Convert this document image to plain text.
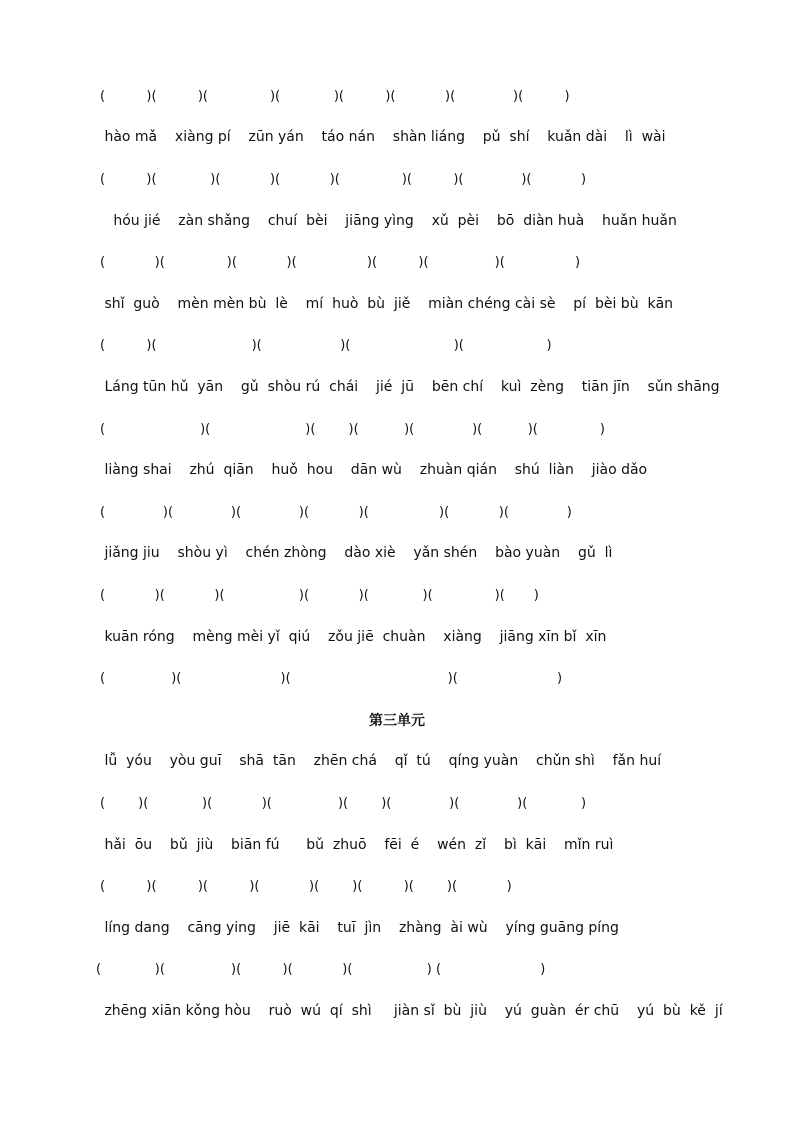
(          )(          )(               )(             )(          )(            )(              )(          )
hào mǎ    xiàng pí    zūn yán    táo nán    shàn liáng    pǔ  shí    kuǎn dài    lì  wài
(          )(             )(            )(            )(               )(          )(              )(            )
hóu jié    zàn shǎng    chuí  bèi    jiāng yìng    xǔ  pèi    bō  diàn huà    huǎn huǎn
(            )(               )(            )(                 )(          )(                )(                 )
shǐ  guò    mèn mèn bù  lè    mí  huò  bù  jiě    miàn chéng cài sè    pí  bèi bù  kān
(          )(                       )(                   )(                         )(                    )
Láng tūn hǔ  yān    gǔ  shòu rú  chái    jié  jū    bēn chí    kuì  zèng    tiān jīn    sǔn shāng
(                       )(                       )(        )(           )(              )(           )(               )
liàng shai    zhú  qiān    huǒ  hou    dān wù    zhuàn qián    shú  liàn    jiào dǎo
(              )(              )(              )(            )(                 )(            )(              )
jiǎng jiu    shòu yì    chén zhòng    dào xiè    yǎn shén    bào yuàn    gǔ  lì
(            )(            )(                  )(            )(             )(               )(       )
kuān róng    mèng mèi yǐ  qiú    zǒu jiē  chuàn    xiàng    jiāng xīn bǐ  xīn
(                )(                        )(                                      )(                        )
第三单元
lǚ  yóu    yòu guī    shā  tān    zhēn chá    qǐ  tú    qíng yuàn    chǔn shì    fǎn huí
(        )(             )(            )(                )(        )(              )(              )(             )
hǎi  ōu    bǔ  jiù    biān fú      bǔ  zhuō    fēi  é    wén  zǐ    bì  kāi    mǐn ruì
(          )(          )(          )(            )(        )(          )(        )(            )
líng dang    cāng ying    jiē  kāi    tuī  jìn    zhàng  ài wù    yíng guāng píng
(             )(                )(          )(            )(                  ) (                        )
zhēng xiān kǒng hòu    ruò  wú  qí  shì     jiàn sǐ  bù  jiù    yú  guàn  ér chū    yú  bù  kě  jí
